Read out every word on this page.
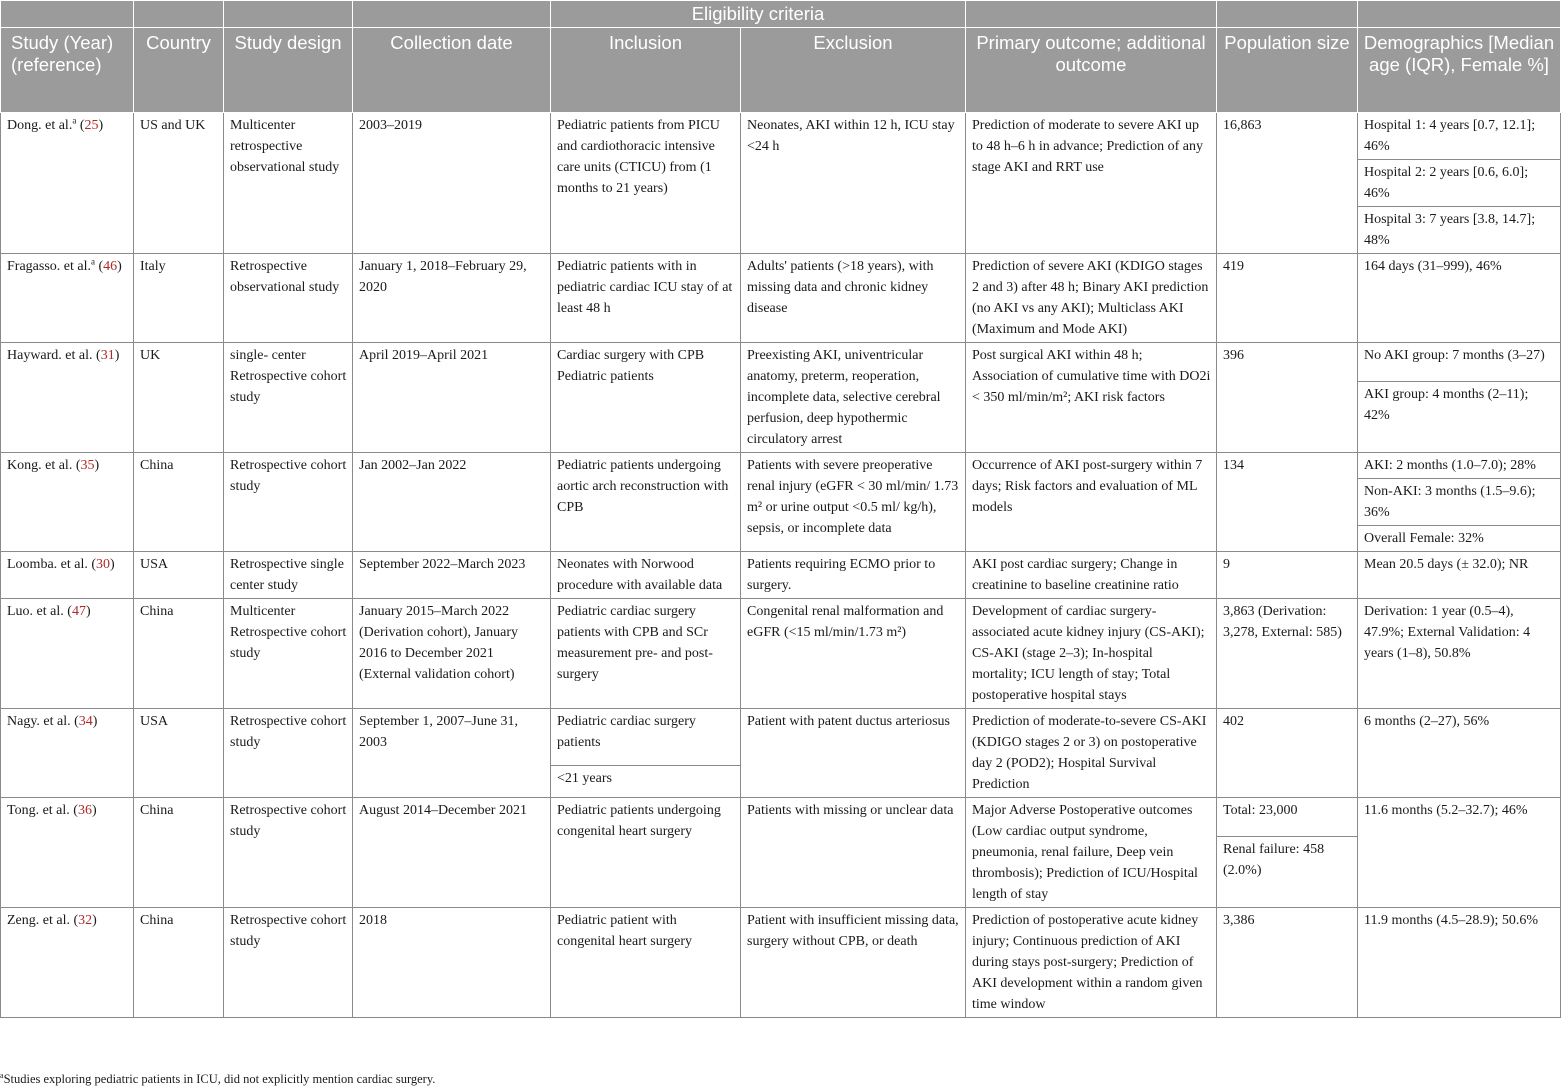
				Eligibility criteria				
Study (Year) (reference)	Country	Study design	Collection date	Inclusion	Exclusion	Primary outcome; additional outcome	Population size	Demographics [Median age (IQR), Female %]
Dong. et al.$^a$ (25)	US and UK	Multicenter retrospective observational study	2003–2019	Pediatric patients from PICU and cardiothoracic intensive care units (CTICU) from (1 months to 21 years)	Neonates, AKI within 12 h, ICU stay <24 h	Prediction of moderate to severe AKI up to 48 h–6 h in advance; Prediction of any stage AKI and RRT use	16,863	Hospital 1: 4 years [0.7, 12.1]; 46%
								Hospital 2: 2 years [0.6, 6.0]; 46%
								Hospital 3: 7 years [3.8, 14.7]; 48%
Fragasso. et al.$^a$ (46)	Italy	Retrospective observational study	January 1, 2018–February 29, 2020	Pediatric patients with in pediatric cardiac ICU stay of at least 48 h	Adults' patients (>18 years), with missing data and chronic kidney disease	Prediction of severe AKI (KDIGO stages 2 and 3) after 48 h; Binary AKI prediction (no AKI vs any AKI); Multiclass AKI (Maximum and Mode AKI)	419	164 days (31–999), 46%
Hayward. et al. (31)	UK	single- center Retrospective cohort study	April 2019–April 2021	Cardiac surgery with CPB Pediatric patients	Preexisting AKI, univentricular anatomy, preterm, reoperation, incomplete data, selective cerebral perfusion, deep hypothermic circulatory arrest	Post surgical AKI within 48 h; Association of cumulative time with DO2i < 350 ml/min/m²; AKI risk factors	396	No AKI group: 7 months (3–27)
								AKI group: 4 months (2–11); 42%
Kong. et al. (35)	China	Retrospective cohort study	Jan 2002–Jan 2022	Pediatric patients undergoing aortic arch reconstruction with CPB	Patients with severe preoperative renal injury (eGFR < 30 ml/min/ 1.73 m² or urine output <0.5 ml/ kg/h), sepsis, or incomplete data	Occurrence of AKI post-surgery within 7 days; Risk factors and evaluation of ML models	134	AKI: 2 months (1.0–7.0); 28%
								Non-AKI: 3 months (1.5–9.6); 36%
								Overall Female: 32%
Loomba. et al. (30)	USA	Retrospective single center study	September 2022–March 2023	Neonates with Norwood procedure with available data	Patients requiring ECMO prior to surgery.	AKI post cardiac surgery; Change in creatinine to baseline creatinine ratio	9	Mean 20.5 days (± 32.0); NR
Luo. et al. (47)	China	Multicenter Retrospective cohort study	January 2015–March 2022 (Derivation cohort), January 2016 to December 2021 (External validation cohort)	Pediatric cardiac surgery patients with CPB and SCr measurement pre- and post-surgery	Congenital renal malformation and eGFR (<15 ml/min/1.73 m²)	Development of cardiac surgery-associated acute kidney injury (CS-AKI); CS-AKI (stage 2–3); In-hospital mortality; ICU length of stay; Total postoperative hospital stays	3,863 (Derivation: 3,278, External: 585)	Derivation: 1 year (0.5–4), 47.9%; External Validation: 4 years (1–8), 50.8%
Nagy. et al. (34)	USA	Retrospective cohort study	September 1, 2007–June 31, 2003	Pediatric cardiac surgery patients	Patient with patent ductus arteriosus	Prediction of moderate-to-severe CS-AKI (KDIGO stages 2 or 3) on postoperative day 2 (POD2); Hospital Survival Prediction	402	6 months (2–27), 56%
				<21 years				
Tong. et al. (36)	China	Retrospective cohort study	August 2014–December 2021	Pediatric patients undergoing congenital heart surgery	Patients with missing or unclear data	Major Adverse Postoperative outcomes (Low cardiac output syndrome, pneumonia, renal failure, Deep vein thrombosis); Prediction of ICU/Hospital length of stay	Total: 23,000	11.6 months (5.2–32.7); 46%
							Renal failure: 458 (2.0%)	
Zeng. et al. (32)	China	Retrospective cohort study	2018	Pediatric patient with congenital heart surgery	Patient with insufficient missing data, surgery without CPB, or death	Prediction of postoperative acute kidney injury; Continuous prediction of AKI during stays post-surgery; Prediction of AKI development within a random given time window	3,386	11.9 months (4.5–28.9); 50.6%
$^a$Studies exploring pediatric patients in ICU, did not explicitly mention cardiac surgery.
